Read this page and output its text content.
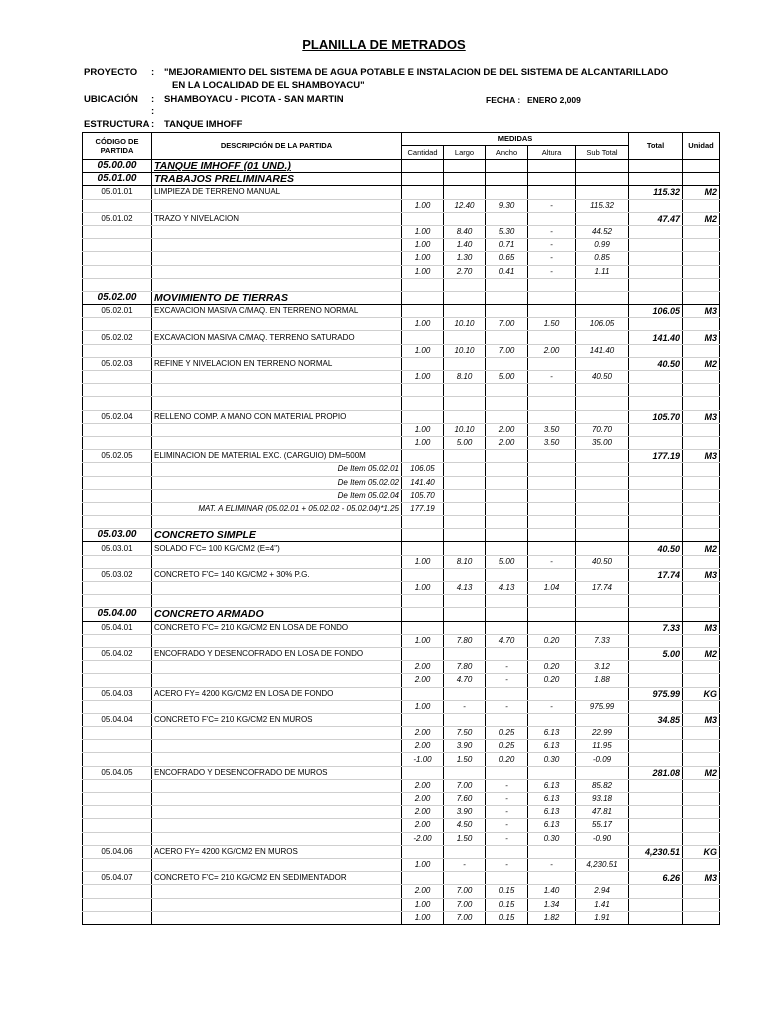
PLANILLA DE METRADOS
PROYECTO : "MEJORAMIENTO DEL SISTEMA DE AGUA POTABLE E INSTALACION DE DEL SISTEMA DE ALCANTARILLADO
EN LA LOCALIDAD DE EL SHAMBOYACU"
UBICACIÓN : SHAMBOYACU - PICOTA - SAN MARTIN	FECHA : ENERO 2,009
:
ESTRUCTURA : TANQUE IMHOFF
CÓDIGO DE PARTIDA	DESCRIPCIÓN DE LA PARTIDA	MEDIDAS					Total	Unidad
		Cantidad	Largo	Ancho	Altura	Sub Total		
05.00.00	TANQUE IMHOFF (01 UND.)							
05.01.00	TRABAJOS PRELIMINARES							
05.01.01	LIMPIEZA DE TERRENO MANUAL						115.32	M2
		1.00	12.40	9.30	-	115.32		
05.01.02	TRAZO Y NIVELACION						47.47	M2
		1.00	8.40	5.30	-	44.52		
		1.00	1.40	0.71	-	0.99		
		1.00	1.30	0.65	-	0.85		
		1.00	2.70	0.41	-	1.11		

05.02.00	MOVIMIENTO DE TIERRAS							
05.02.01	EXCAVACION MASIVA C/MAQ. EN TERRENO NORMAL						106.05	M3
		1.00	10.10	7.00	1.50	106.05		
05.02.02	EXCAVACION MASIVA C/MAQ. TERRENO SATURADO						141.40	M3
		1.00	10.10	7.00	2.00	141.40		
05.02.03	REFINE Y NIVELACION EN TERRENO NORMAL						40.50	M2
		1.00	8.10	5.00	-	40.50		

05.02.04	RELLENO COMP. A MANO CON MATERIAL PROPIO						105.70	M3
		1.00	10.10	2.00	3.50	70.70		
		1.00	5.00	2.00	3.50	35.00		
05.02.05	ELIMINACION DE MATERIAL EXC. (CARGUIO) DM=500M						177.19	M3
	De Item 05.02.01	106.05						
	De Item 05.02.02	141.40						
	De Item 05.02.04	105.70						
	MAT. A ELIMINAR (05.02.01 + 05.02.02 - 05.02.04)*1.25	177.19						

05.03.00	CONCRETO SIMPLE							
05.03.01	SOLADO F'C= 100 KG/CM2 (E=4")						40.50	M2
		1.00	8.10	5.00	-	40.50		
05.03.02	CONCRETO F'C= 140 KG/CM2 + 30% P.G.						17.74	M3
		1.00	4.13	4.13	1.04	17.74		

05.04.00	CONCRETO ARMADO							
05.04.01	CONCRETO F'C= 210 KG/CM2 EN LOSA DE FONDO						7.33	M3
		1.00	7.80	4.70	0.20	7.33		
05.04.02	ENCOFRADO Y DESENCOFRADO EN LOSA DE FONDO						5.00	M2
		2.00	7.80	-	0.20	3.12		
		2.00	4.70	-	0.20	1.88		
05.04.03	ACERO FY= 4200 KG/CM2 EN LOSA DE FONDO						975.99	KG
		1.00	-	-	-	975.99		
05.04.04	CONCRETO F'C= 210 KG/CM2 EN MUROS						34.85	M3
		2.00	7.50	0.25	6.13	22.99		
		2.00	3.90	0.25	6.13	11.95		
		-1.00	1.50	0.20	0.30	-0.09		
05.04.05	ENCOFRADO Y DESENCOFRADO DE MUROS						281.08	M2
		2.00	7.00	-	6.13	85.82		
		2.00	7.60	-	6.13	93.18		
		2.00	3.90	-	6.13	47.81		
		2.00	4.50	-	6.13	55.17		
		-2.00	1.50	-	0.30	-0.90		
05.04.06	ACERO FY= 4200 KG/CM2 EN MUROS						4,230.51	KG
		1.00	-	-	-	4,230.51		
05.04.07	CONCRETO F'C= 210 KG/CM2 EN SEDIMENTADOR						6.26	M3
		2.00	7.00	0.15	1.40	2.94		
		1.00	7.00	0.15	1.34	1.41		
		1.00	7.00	0.15	1.82	1.91		
